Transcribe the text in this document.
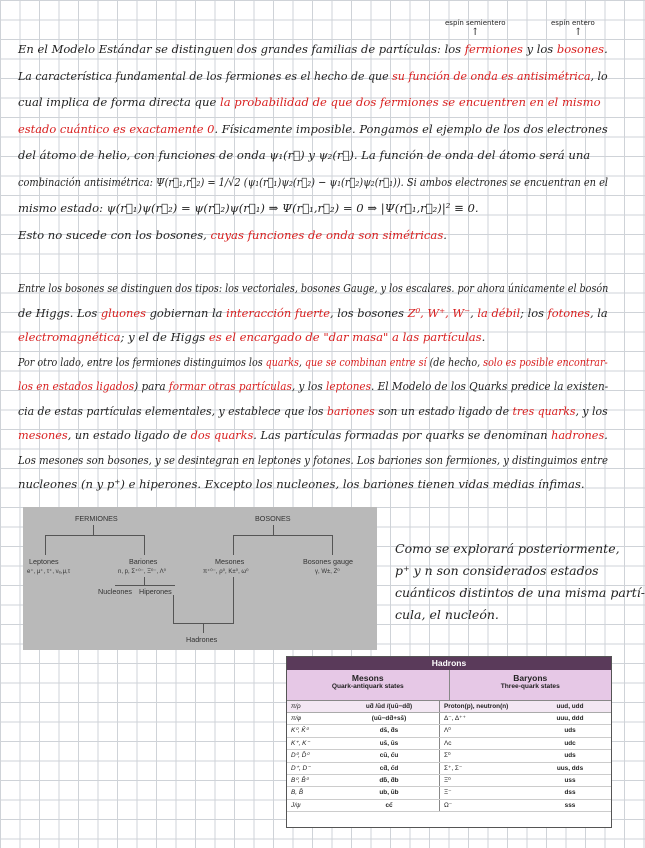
espín semientero
↑
espín entero
↑
En el Modelo Estándar se distinguen dos grandes familias de partículas: los fermiones y los bosones.
La característica fundamental de los fermiones es el hecho de que su función de onda es antisimétrica, lo
cual implica de forma directa que la probabilidad de que dos fermiones se encuentren en el mismo
estado cuántico es exactamente 0. Físicamente imposible. Pongamos el ejemplo de los dos electrones
del átomo de helio, con funciones de onda ψ₁(r⃗) y ψ₂(r⃗). La función de onda del átomo será una
combinación antisimétrica: Ψ(r⃗₁,r⃗₂) = 1/√2 (ψ₁(r⃗₁)ψ₂(r⃗₂) − ψ₁(r⃗₂)ψ₂(r⃗₁)). Si ambos electrones se encuentran en el
mismo estado: ψ(r⃗₁)ψ(r⃗₂) = ψ(r⃗₂)ψ(r⃗₁) ⇒ Ψ(r⃗₁,r⃗₂) = 0 ⇒ |Ψ(r⃗₁,r⃗₂)|² ≡ 0.
Esto no sucede con los bosones, cuyas funciones de onda son simétricas.
Entre los bosones se distinguen dos tipos: los vectoriales, bosones Gauge, y los escalares. por ahora únicamente el bosón
de Higgs. Los gluones gobiernan la interacción fuerte, los bosones Z⁰, W⁺, W⁻, la débil; los fotones, la
electromagnética; y el de Higgs es el encargado de "dar masa" a las partículas.
Por otro lado, entre los fermiones distinguimos los quarks, que se combinan entre sí (de hecho, solo es posible encontrar-
los en estados ligados) para formar otras partículas, y los leptones. El Modelo de los Quarks predice la existen-
cia de estas partículas elementales, y establece que los bariones son un estado ligado de tres quarks, y los
mesones, un estado ligado de dos quarks. Las partículas formadas por quarks se denominan hadrones.
Los mesones son bosones, y se desintegran en leptones y fotones. Los bariones son fermiones, y distinguimos entre
nucleones (n y p⁺) e hiperones. Excepto los nucleones, los bariones tienen vidas medias ínfimas.
FERMIONES	BOSONES
Leptones
e⁺, μ⁺, τ⁺, νₑ,μ,τ
Bariones
n, p, Σ⁺⁰⁻, Ξ⁰⁻, Λ⁰
Mesones
π⁺⁰⁻, ρ⁰, K±⁰, ω⁰
Bosones gauge
γ, W±, Z⁰
Nucleones Hiperones
Hadrones
Como se explorará posteriormente,
p⁺ y n son considerados estados
cuánticos distintos de una misma partí-
cula, el nucleón.
Hadrons
Mesons
Quark-antiquark states
Baryons
Three-quark states
π/ρ	ud̄ /ūd /(uū−dd̄)	Proton(p), neutron(n)	uud, udd
π/φ	(uū−dd̄+ss̄)	Δ⁻, Δ⁺⁺	uuu, ddd
K⁰, K̄⁰	ds̄, d̄s	Λ⁰	uds
K⁺, K⁻	us̄, ūs	Λc	udc
D⁰, D̄⁰	cū, c̄u	Σ⁰	uds
D⁺, D⁻	cd̄, c̄d	Σ⁺, Σ⁻	uus, dds
B⁰, B̄⁰	db̄, d̄b	Ξ⁰	uss
B, B̄	ub, ūb	Ξ⁻	dss
J/ψ	cc̄	Ω⁻	sss
